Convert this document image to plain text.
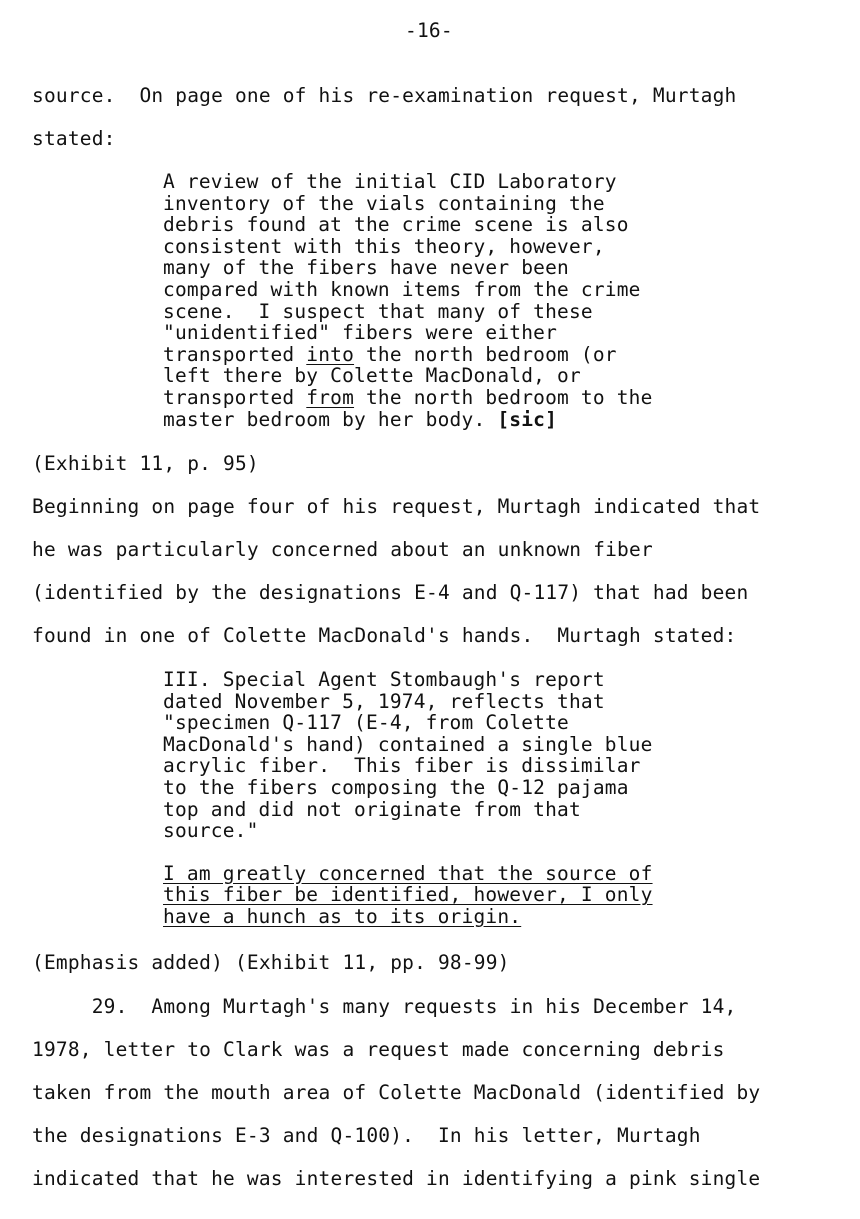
-16-
source.  On page one of his re-examination request, Murtagh
stated:
A review of the initial CID Laboratory
inventory of the vials containing the
debris found at the crime scene is also
consistent with this theory, however,
many of the fibers have never been
compared with known items from the crime
scene.  I suspect that many of these
"unidentified" fibers were either
transported into the north bedroom (or
left there by Colette MacDonald, or
transported from the north bedroom to the
master bedroom by her body. [sic]
(Exhibit 11, p. 95)
Beginning on page four of his request, Murtagh indicated that
he was particularly concerned about an unknown fiber
(identified by the designations E-4 and Q-117) that had been
found in one of Colette MacDonald's hands.  Murtagh stated:
III. Special Agent Stombaugh's report
dated November 5, 1974, reflects that
"specimen Q-117 (E-4, from Colette
MacDonald's hand) contained a single blue
acrylic fiber.  This fiber is dissimilar
to the fibers composing the Q-12 pajama
top and did not originate from that
source."
I am greatly concerned that the source of
this fiber be identified, however, I only
have a hunch as to its origin.
(Emphasis added) (Exhibit 11, pp. 98-99)
29.  Among Murtagh's many requests in his December 14,
1978, letter to Clark was a request made concerning debris
taken from the mouth area of Colette MacDonald (identified by
the designations E-3 and Q-100).  In his letter, Murtagh
indicated that he was interested in identifying a pink single
